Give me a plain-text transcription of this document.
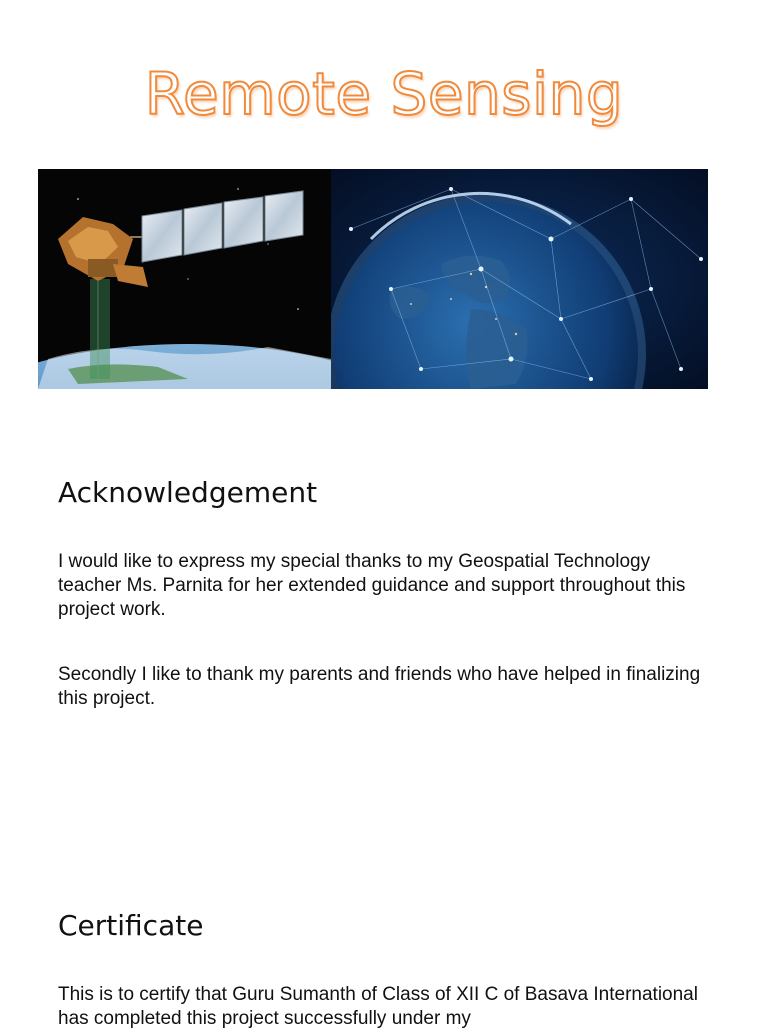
Remote Sensing
Acknowledgement
I would like to express my special thanks to my Geospatial Technology teacher Ms. Parnita for her extended guidance and support throughout this project work.
Secondly I like to thank my parents and friends who have helped in finalizing this project.
Certificate
This is to certify that Guru Sumanth of Class of XII C of Basava International has completed this project successfully under my
